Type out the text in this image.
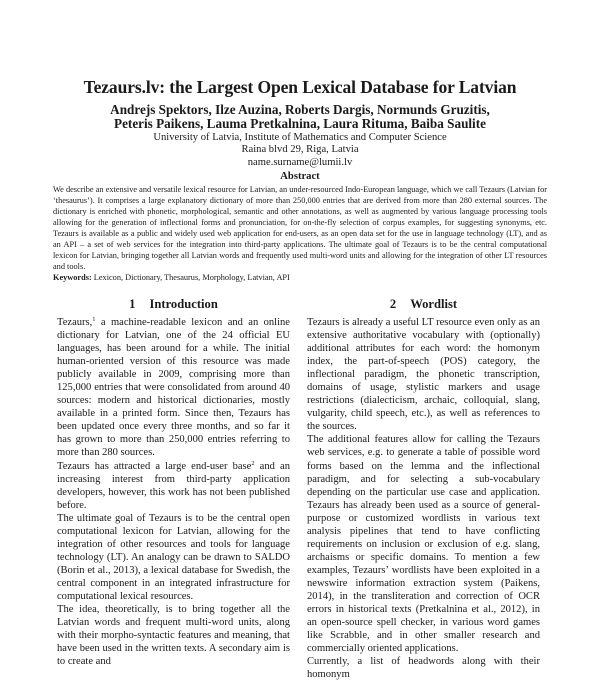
Tezaurs.lv: the Largest Open Lexical Database for Latvian
Andrejs Spektors, Ilze Auzina, Roberts Dargis, Normunds Gruzitis,
Peteris Paikens, Lauma Pretkalnina, Laura Rituma, Baiba Saulite
University of Latvia, Institute of Mathematics and Computer Science
Raina blvd 29, Riga, Latvia
name.surname@lumii.lv
Abstract

We describe an extensive and versatile lexical resource for Latvian, an under-resourced Indo-European language, which we call Tezaurs (Latvian for ‘thesaurus’). It comprises a large explanatory dictionary of more than 250,000 entries that are derived from more than 280 external sources. The dictionary is enriched with phonetic, morphological, semantic and other annotations, as well as augmented by various language processing tools allowing for the generation of inflectional forms and pronunciation, for on-the-fly selection of corpus examples, for suggesting synonyms, etc. Tezaurs is available as a public and widely used web application for end-users, as an open data set for the use in language technology (LT), and as an API – a set of web services for the integration into third-party applications. The ultimate goal of Tezaurs is to be the central computational lexicon for Latvian, bringing together all Latvian words and frequently used multi-word units and allowing for the integration of other LT resources and tools.

Keywords: Lexicon, Dictionary, Thesaurus, Morphology, Latvian, API

1 Introduction

Tezaurs,$^1$ a machine-readable lexicon and an online dictionary for Latvian, one of the 24 official EU languages, has been around for a while. The initial human-oriented version of this resource was made publicly available in 2009, comprising more than 125,000 entries that were consolidated from around 40 sources: modern and historical dictionaries, mostly available in a printed form. Since then, Tezaurs has been updated once every three months, and so far it has grown to more than 250,000 entries referring to more than 280 sources.

Tezaurs has attracted a large end-user base$^2$ and an increasing interest from third-party application developers, however, this work has not been published before.

The ultimate goal of Tezaurs is to be the central open computational lexicon for Latvian, allowing for the integration of other resources and tools for language technology (LT). An analogy can be drawn to SALDO (Borin et al., 2013), a lexical database for Swedish, the central component in an integrated infrastructure for computational lexical resources.

The idea, theoretically, is to bring together all the Latvian words and frequent multi-word units, along with their morpho-syntactic features and meaning, that have been used in the written texts. A secondary aim is to create and

2 Wordlist

Tezaurs is already a useful LT resource even only as an extensive authoritative vocabulary with (optionally) additional attributes for each word: the homonym index, the part-of-speech (POS) category, the inflectional paradigm, the phonetic transcription, domains of usage, stylistic markers and usage restrictions (dialecticism, archaic, colloquial, slang, vulgarity, child speech, etc.), as well as references to the sources.

The additional features allow for calling the Tezaurs web services, e.g. to generate a table of possible word forms based on the lemma and the inflectional paradigm, and for selecting a sub-vocabulary depending on the particular use case and application. Tezaurs has already been used as a source of general-purpose or customized wordlists in various text analysis pipelines that tend to have conflicting requirements on inclusion or exclusion of e.g. slang, archaisms or specific domains. To mention a few examples, Tezaurs’ wordlists have been exploited in a newswire information extraction system (Paikens, 2014), in the transliteration and correction of OCR errors in historical texts (Pretkalnina et al., 2012), in an open-source spell checker, in various word games like Scrabble, and in other smaller research and commercially oriented applications.

Currently, a list of headwords along with their homonym
